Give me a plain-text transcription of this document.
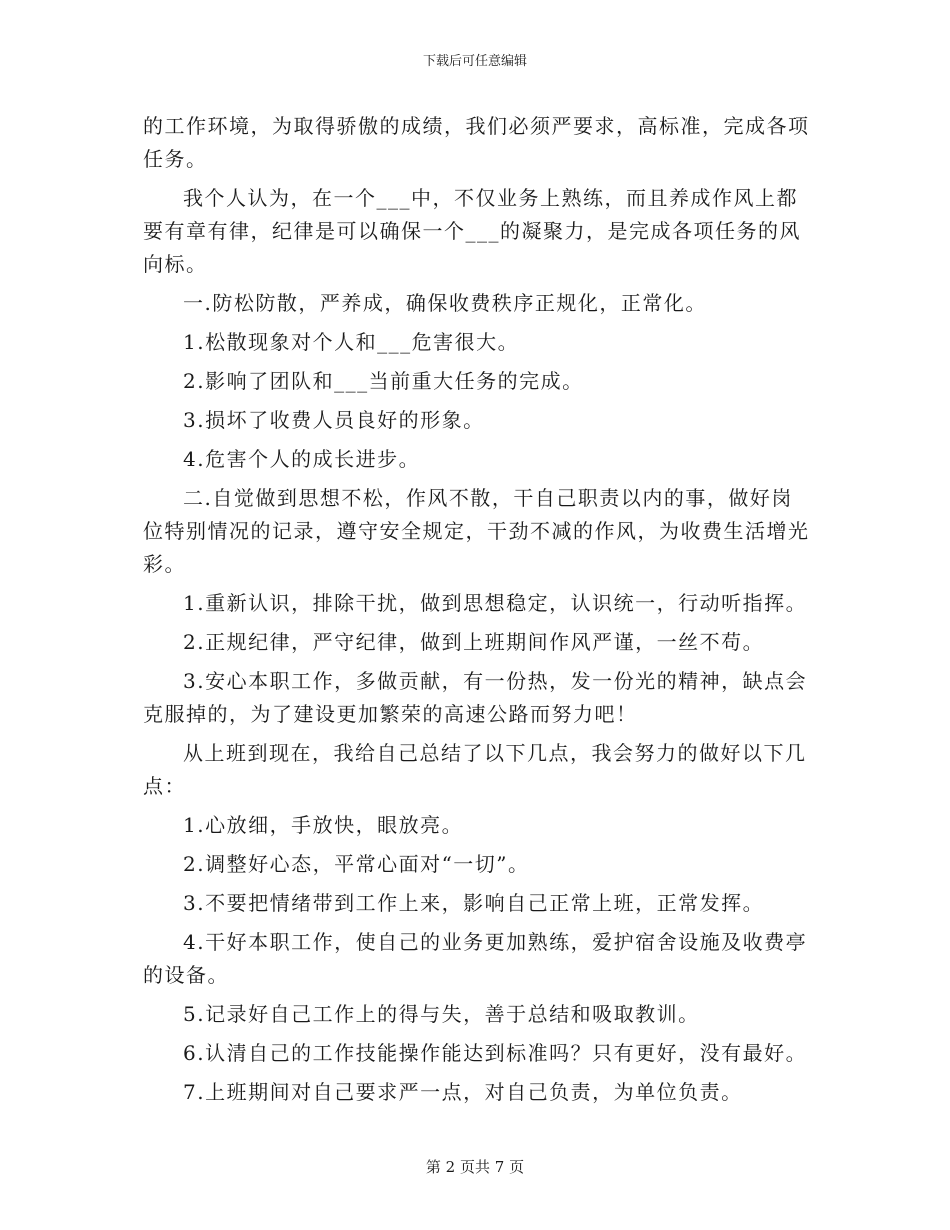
下载后可任意编辑

的工作环境，为取得骄傲的成绩，我们必须严要求，高标准，完成各项任务。

我个人认为，在一个___中，不仅业务上熟练，而且养成作风上都要有章有律，纪律是可以确保一个___的凝聚力，是完成各项任务的风向标。

一.防松防散，严养成，确保收费秩序正规化，正常化。

1.松散现象对个人和___危害很大。

2.影响了团队和___当前重大任务的完成。

3.损坏了收费人员良好的形象。

4.危害个人的成长进步。

二.自觉做到思想不松，作风不散，干自己职责以内的事，做好岗位特别情况的记录，遵守安全规定，干劲不减的作风，为收费生活增光彩。

1.重新认识，排除干扰，做到思想稳定，认识统一，行动听指挥。

2.正规纪律，严守纪律，做到上班期间作风严谨，一丝不苟。

3.安心本职工作，多做贡献，有一份热，发一份光的精神，缺点会克服掉的，为了建设更加繁荣的高速公路而努力吧！

从上班到现在，我给自己总结了以下几点，我会努力的做好以下几点：

1.心放细，手放快，眼放亮。

2.调整好心态，平常心面对“一切”。

3.不要把情绪带到工作上来，影响自己正常上班，正常发挥。

4.干好本职工作，使自己的业务更加熟练，爱护宿舍设施及收费亭的设备。

5.记录好自己工作上的得与失，善于总结和吸取教训。

6.认清自己的工作技能操作能达到标准吗？只有更好，没有最好。

7.上班期间对自己要求严一点，对自己负责，为单位负责。

第 2 页共 7 页
